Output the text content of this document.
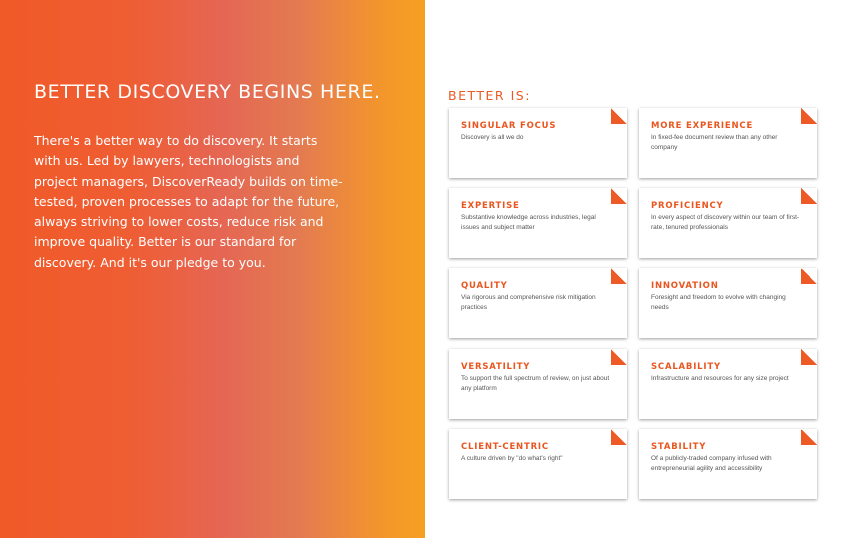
BETTER DISCOVERY BEGINS HERE.

There's a better way to do discovery. It starts with us. Led by lawyers, technologists and project managers, DiscoverReady builds on time-tested, proven processes to adapt for the future, always striving to lower costs, reduce risk and improve quality. Better is our standard for discovery. And it's our pledge to you.

BETTER IS:
SINGULAR FOCUS
Discovery is all we do
MORE EXPERIENCE
In fixed-fee document review than any other company
EXPERTISE
Substantive knowledge across industries, legal issues and subject matter
PROFICIENCY
In every aspect of discovery within our team of first-rate, tenured professionals
QUALITY
Via rigorous and comprehensive risk mitigation practices
INNOVATION
Foresight and freedom to evolve with changing needs
VERSATILITY
To support the full spectrum of review, on just about any platform
SCALABILITY
Infrastructure and resources for any size project
CLIENT-CENTRIC
A culture driven by "do what's right"
STABILITY
Of a publicly-traded company infused with entrepreneurial agility and accessibility
